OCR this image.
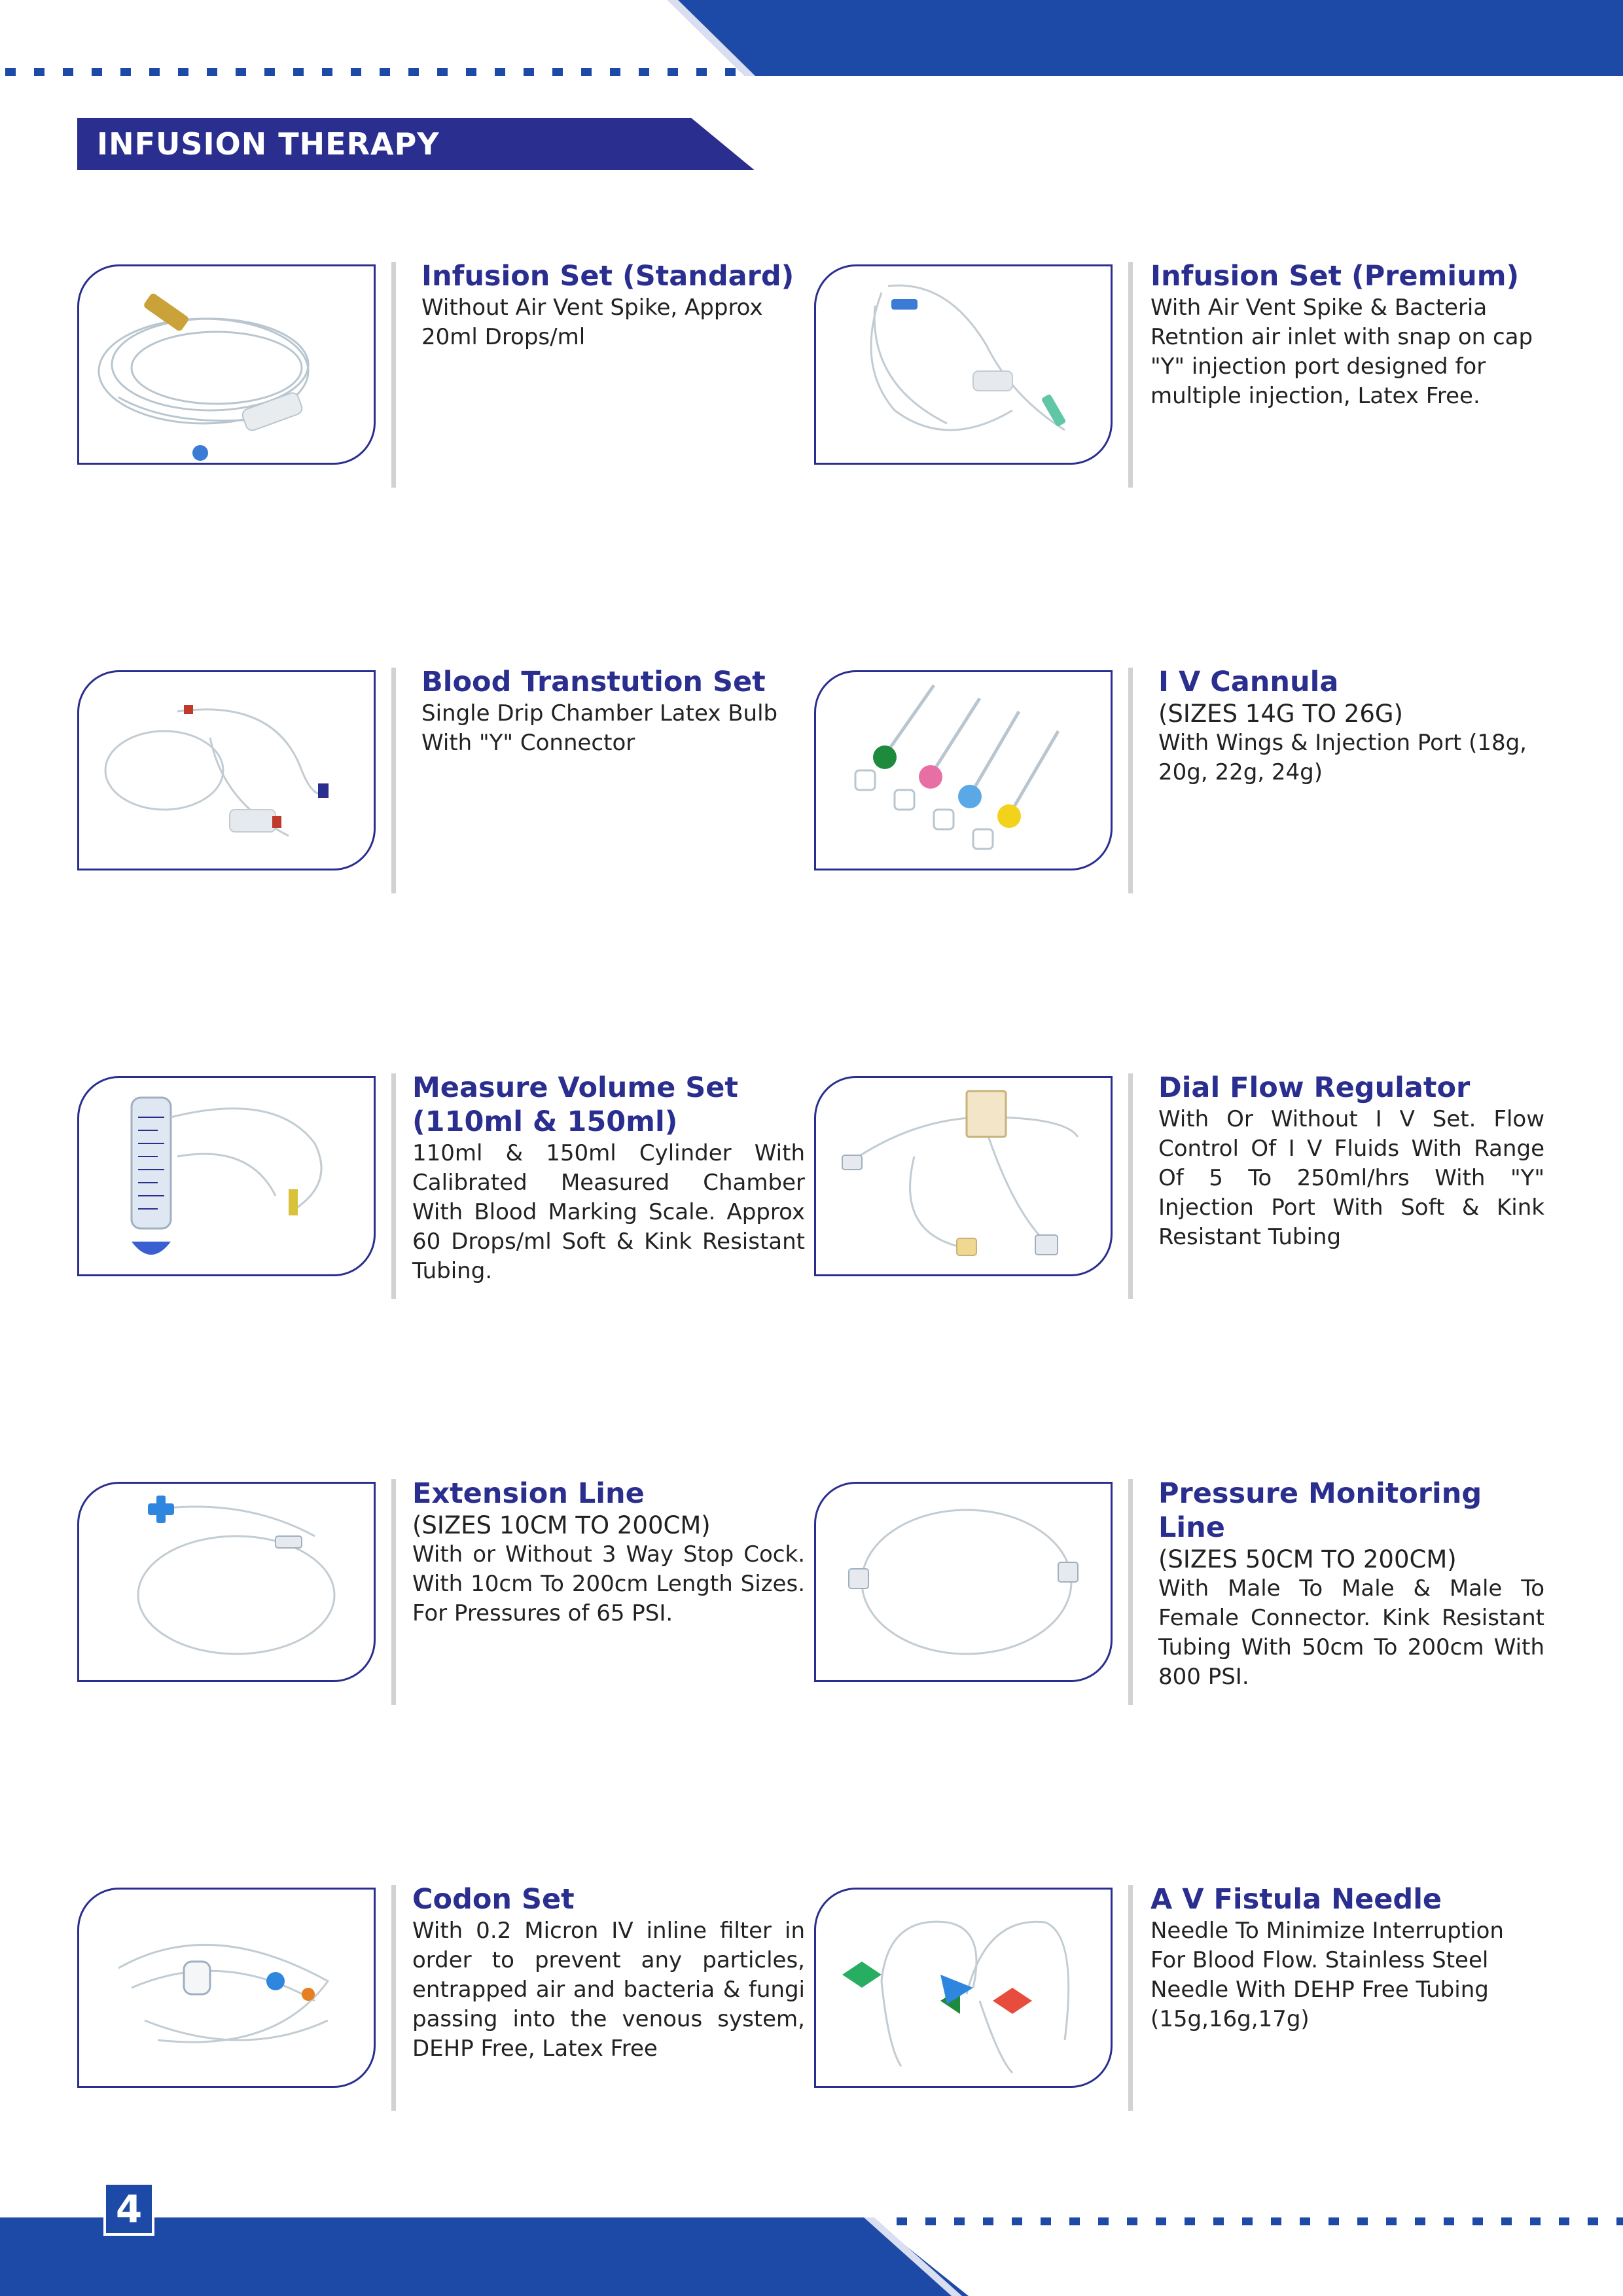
INFUSION THERAPY
Infusion Set (Standard)
Without Air Vent Spike, Approx 20ml Drops/ml
Infusion Set (Premium)
With Air Vent Spike & Bacteria Retntion air inlet with snap on cap "Y" injection port designed for multiple injection, Latex Free.
Blood Transtution Set
Single Drip Chamber Latex Bulb With "Y" Connector
I V Cannula
(SIZES 14G TO 26G)
With Wings & Injection Port (18g, 20g, 22g, 24g)
Measure Volume Set (110ml & 150ml)
110ml & 150ml Cylinder With Calibrated Measured Chamber With Blood Marking Scale. Approx 60 Drops/ml Soft & Kink Resistant Tubing.
Dial Flow Regulator
With Or Without I V Set. Flow Control Of I V Fluids With Range Of 5 To 250ml/hrs With "Y" Injection Port With Soft & Kink Resistant Tubing
Extension Line
(SIZES 10CM TO 200CM)
With or Without 3 Way Stop Cock. With 10cm To 200cm Length Sizes. For Pressures of 65 PSI.
Pressure Monitoring Line
(SIZES 50CM TO 200CM)
With Male To Male & Male To Female Connector. Kink Resistant Tubing With 50cm To 200cm With 800 PSI.
Codon Set
With 0.2 Micron IV inline filter in order to prevent any particles, entrapped air and bacteria & fungi passing into the venous system, DEHP Free, Latex Free
A V Fistula Needle
Needle To Minimize Interruption For Blood Flow. Stainless Steel Needle With DEHP Free Tubing (15g,16g,17g)
4
